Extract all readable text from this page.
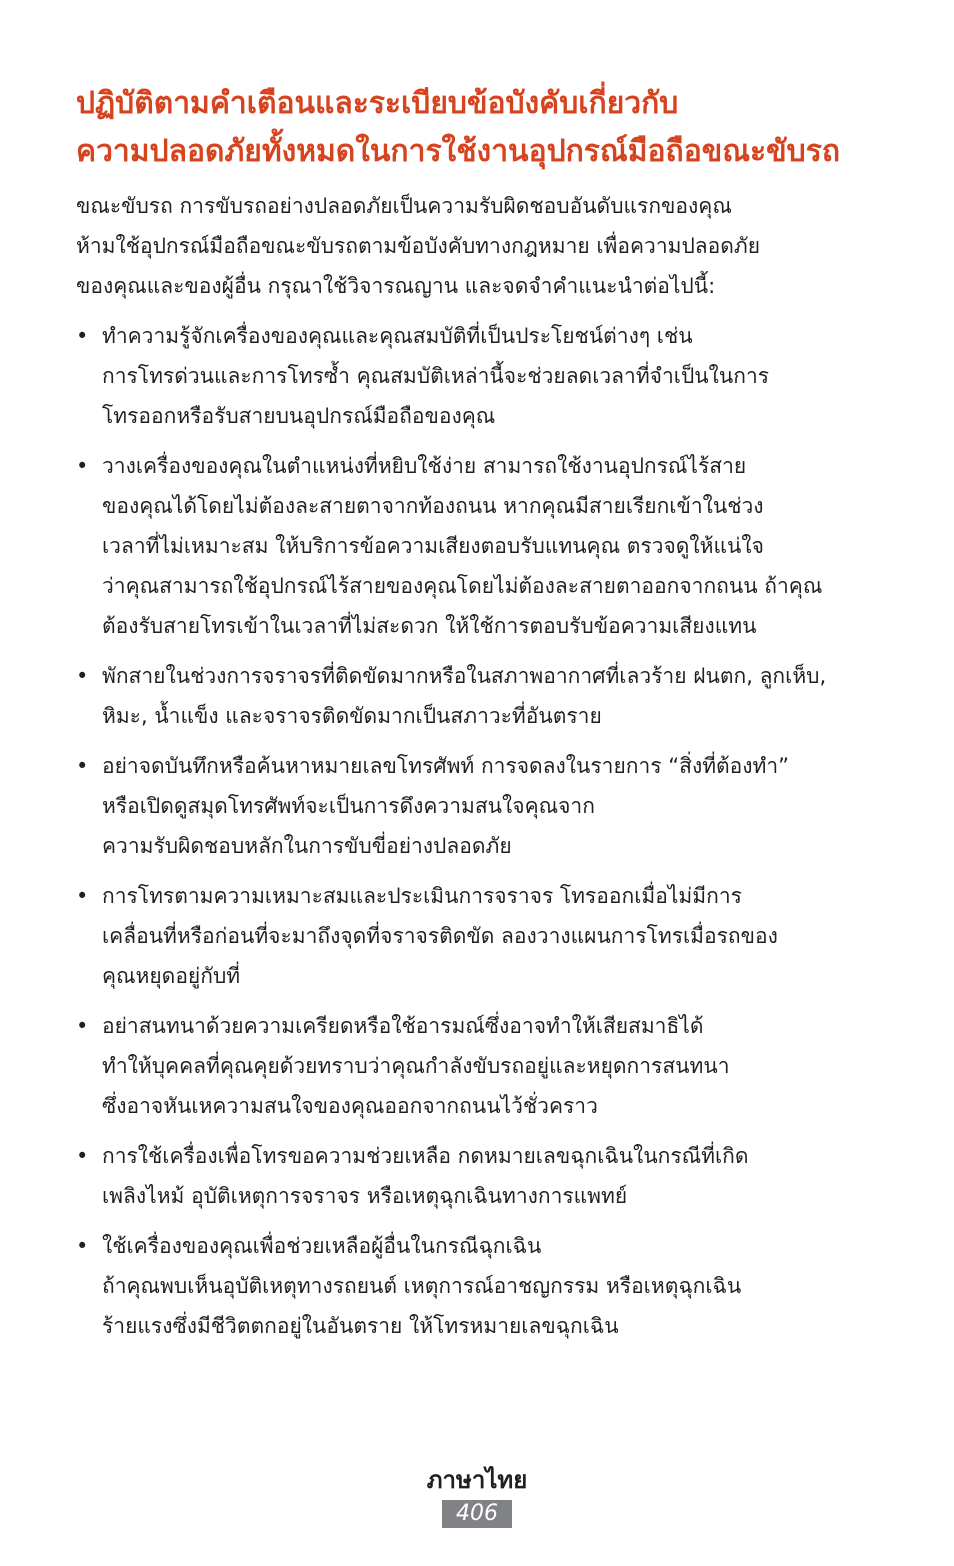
ปฏิบัติตามคำเตือนและระเบียบข้อบังคับเกี่ยวกับ
ความปลอดภัยทั้งหมดในการใช้งานอุปกรณ์มือถือขณะขับรถ

ขณะขับรถ การขับรถอย่างปลอดภัยเป็นความรับผิดชอบอันดับแรกของคุณ
ห้ามใช้อุปกรณ์มือถือขณะขับรถตามข้อบังคับทางกฎหมาย เพื่อความปลอดภัย
ของคุณและของผู้อื่น กรุณาใช้วิจารณญาน และจดจำคำแนะนำต่อไปนี้:

• ทำความรู้จักเครื่องของคุณและคุณสมบัติที่เป็นประโยชน์ต่างๆ เช่น
การโทรด่วนและการโทรซ้ำ คุณสมบัติเหล่านี้จะช่วยลดเวลาที่จำเป็นในการ
โทรออกหรือรับสายบนอุปกรณ์มือถือของคุณ
• วางเครื่องของคุณในตำแหน่งที่หยิบใช้ง่าย สามารถใช้งานอุปกรณ์ไร้สาย
ของคุณได้โดยไม่ต้องละสายตาจากท้องถนน หากคุณมีสายเรียกเข้าในช่วง
เวลาที่ไม่เหมาะสม ให้บริการข้อความเสียงตอบรับแทนคุณ ตรวจดูให้แน่ใจ
ว่าคุณสามารถใช้อุปกรณ์ไร้สายของคุณโดยไม่ต้องละสายตาออกจากถนน ถ้าคุณ
ต้องรับสายโทรเข้าในเวลาที่ไม่สะดวก ให้ใช้การตอบรับข้อความเสียงแทน
• พักสายในช่วงการจราจรที่ติดขัดมากหรือในสภาพอากาศที่เลวร้าย ฝนตก, ลูกเห็บ,
หิมะ, น้ำแข็ง และจราจรติดขัดมากเป็นสภาวะที่อันตราย
• อย่าจดบันทึกหรือค้นหาหมายเลขโทรศัพท์ การจดลงในรายการ “สิ่งที่ต้องทำ”
หรือเปิดดูสมุดโทรศัพท์จะเป็นการดึงความสนใจคุณจาก
ความรับผิดชอบหลักในการขับขี่อย่างปลอดภัย
• การโทรตามความเหมาะสมและประเมินการจราจร โทรออกเมื่อไม่มีการ
เคลื่อนที่หรือก่อนที่จะมาถึงจุดที่จราจรติดขัด ลองวางแผนการโทรเมื่อรถของ
คุณหยุดอยู่กับที่
• อย่าสนทนาด้วยความเครียดหรือใช้อารมณ์ซึ่งอาจทำให้เสียสมาธิได้
ทำให้บุคคลที่คุณคุยด้วยทราบว่าคุณกำลังขับรถอยู่และหยุดการสนทนา
ซึ่งอาจหันเหความสนใจของคุณออกจากถนนไว้ชั่วคราว
• การใช้เครื่องเพื่อโทรขอความช่วยเหลือ กดหมายเลขฉุกเฉินในกรณีที่เกิด
เพลิงไหม้ อุบัติเหตุการจราจร หรือเหตุฉุกเฉินทางการแพทย์
• ใช้เครื่องของคุณเพื่อช่วยเหลือผู้อื่นในกรณีฉุกเฉิน
ถ้าคุณพบเห็นอุบัติเหตุทางรถยนต์ เหตุการณ์อาชญกรรม หรือเหตุฉุกเฉิน
ร้ายแรงซึ่งมีชีวิตตกอยู่ในอันตราย ให้โทรหมายเลขฉุกเฉิน
ภาษาไทย
406
